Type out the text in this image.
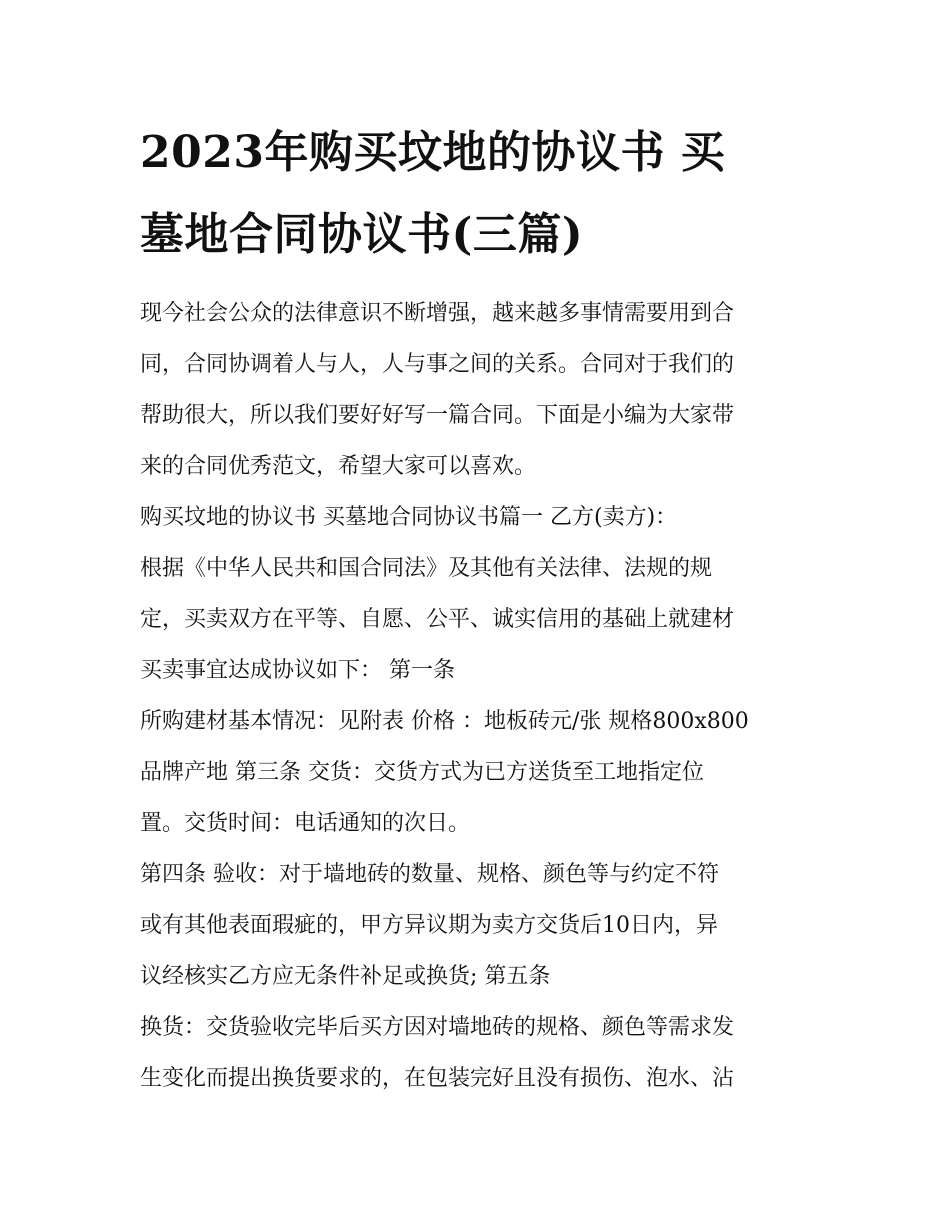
2023年购买坟地的协议书 买
墓地合同协议书(三篇)

现今社会公众的法律意识不断增强，越来越多事情需要用到合
同，合同协调着人与人，人与事之间的关系。合同对于我们的
帮助很大，所以我们要好好写一篇合同。下面是小编为大家带
来的合同优秀范文，希望大家可以喜欢。

购买坟地的协议书 买墓地合同协议书篇一 乙方(卖方)：

根据《中华人民共和国合同法》及其他有关法律、法规的规
定，买卖双方在平等、自愿、公平、诚实信用的基础上就建材
买卖事宜达成协议如下： 第一条

所购建材基本情况：见附表 价格 ：地板砖元/张 规格800x800
品牌产地 第三条 交货：交货方式为已方送货至工地指定位
置。交货时间：电话通知的次日。

第四条 验收：对于墙地砖的数量、规格、颜色等与约定不符
或有其他表面瑕疵的，甲方异议期为卖方交货后10日内，异
议经核实乙方应无条件补足或换货; 第五条

换货：交货验收完毕后买方因对墙地砖的规格、颜色等需求发
生变化而提出换货要求的，在包装完好且没有损伤、泡水、沾
